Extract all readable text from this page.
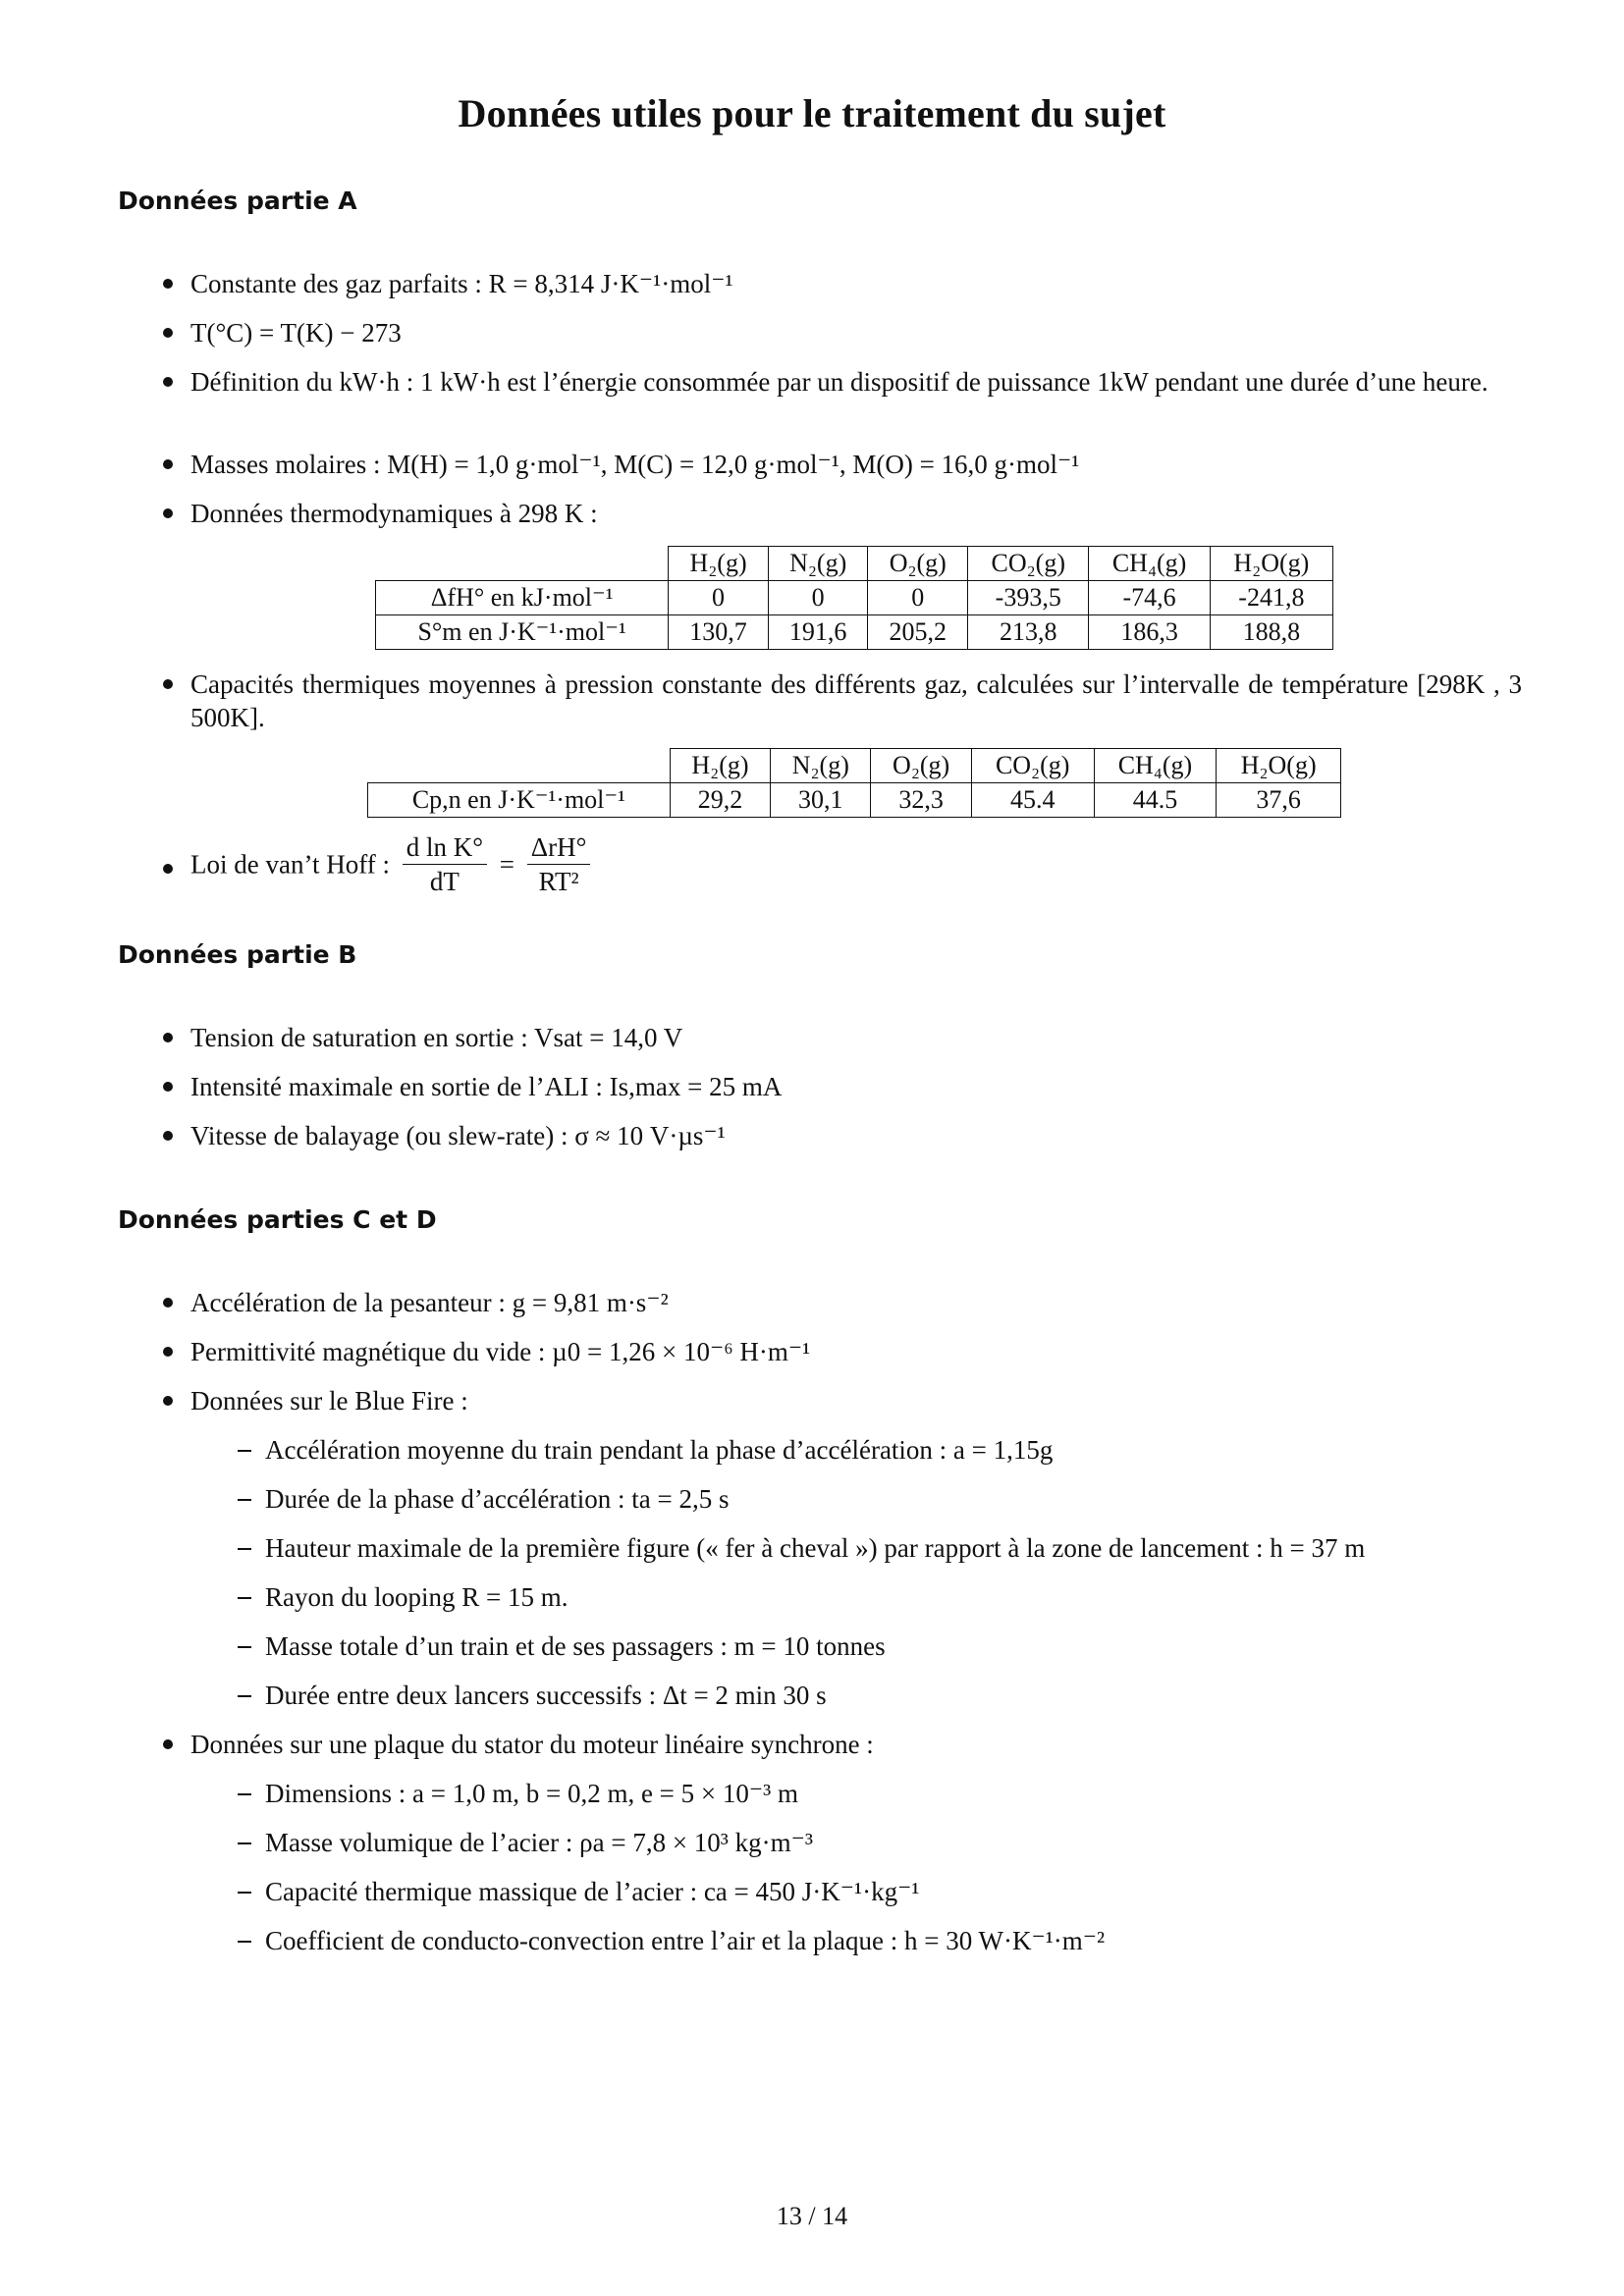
Données utiles pour le traitement du sujet
Données partie A
Constante des gaz parfaits : R = 8,314 J·K⁻¹·mol⁻¹
T(°C) = T(K) − 273
Définition du kW·h : 1 kW·h est l’énergie consommée par un dispositif de puissance 1kW pendant une durée d’une heure.
Masses molaires : M(H) = 1,0 g·mol⁻¹, M(C) = 12,0 g·mol⁻¹, M(O) = 16,0 g·mol⁻¹
Données thermodynamiques à 298 K :
	H₂(g)	N₂(g)	O₂(g)	CO₂(g)	CH₄(g)	H₂O(g)
ΔfH° en kJ·mol⁻¹	0	0	0	-393,5	-74,6	-241,8
S°m en J·K⁻¹·mol⁻¹	130,7	191,6	205,2	213,8	186,3	188,8
Capacités thermiques moyennes à pression constante des différents gaz, calculées sur l’intervalle de température [298K , 3 500K].
	H₂(g)	N₂(g)	O₂(g)	CO₂(g)	CH₄(g)	H₂O(g)
Cp,n en J·K⁻¹·mol⁻¹	29,2	30,1	32,3	45.4	44.5	37,6
Loi de van’t Hoff : $\frac{\text{d ln K°}}{dT} = \frac{\text{ΔrH°}}{\text{RT²}}$
Données partie B
Tension de saturation en sortie : Vsat = 14,0 V
Intensité maximale en sortie de l’ALI : Is,max = 25 mA
Vitesse de balayage (ou slew-rate) : σ ≈ 10 V·µs⁻¹
Données parties C et D
Accélération de la pesanteur : g = 9,81 m·s⁻²
Permittivité magnétique du vide : µ0 = 1,26 × 10⁻⁶ H·m⁻¹
Données sur le Blue Fire :
Accélération moyenne du train pendant la phase d’accélération : a = 1,15g
Durée de la phase d’accélération : ta = 2,5 s
Hauteur maximale de la première figure (« fer à cheval ») par rapport à la zone de lancement : h = 37 m
Rayon du looping R = 15 m.
Masse totale d’un train et de ses passagers : m = 10 tonnes
Durée entre deux lancers successifs : Δt = 2 min 30 s
Données sur une plaque du stator du moteur linéaire synchrone :
Dimensions : a = 1,0 m, b = 0,2 m, e = 5 × 10⁻³ m
Masse volumique de l’acier : ρa = 7,8 × 10³ kg·m⁻³
Capacité thermique massique de l’acier : ca = 450 J·K⁻¹·kg⁻¹
Coefficient de conducto-convection entre l’air et la plaque : h = 30 W·K⁻¹·m⁻²
13 / 14
